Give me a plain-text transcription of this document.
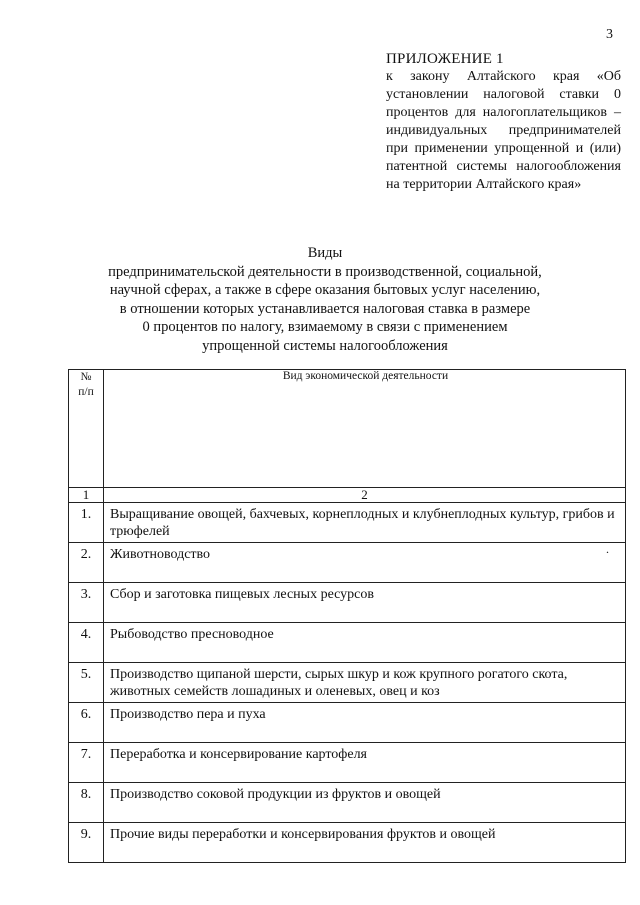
3
ПРИЛОЖЕНИЕ 1
к закону Алтайского края «Об установлении налоговой ставки 0 процентов для налогоплательщиков – индивидуальных предпринимателей при применении упрощенной и (или) патентной системы налогообложения на территории Алтайского края»
Виды
предпринимательской деятельности в производственной, социальной,
научной сферах, а также в сфере оказания бытовых услуг населению,
в отношении которых устанавливается налоговая ставка в размере
0 процентов по налогу, взимаемому в связи с применением
упрощенной системы налогообложения
№
п/п	Вид экономической деятельности
1	2
1.	Выращивание овощей, бахчевых, корнеплодных и клубнеплодных культур, грибов и трюфелей
2.	Животноводство
3.	Сбор и заготовка пищевых лесных ресурсов
4.	Рыбоводство пресноводное
5.	Производство щипаной шерсти, сырых шкур и кож крупного рогатого скота, животных семейств лошадиных и оленевых, овец и коз
6.	Производство пера и пуха
7.	Переработка и консервирование картофеля
8.	Производство соковой продукции из фруктов и овощей
9.	Прочие виды переработки и консервирования фруктов и овощей
.
